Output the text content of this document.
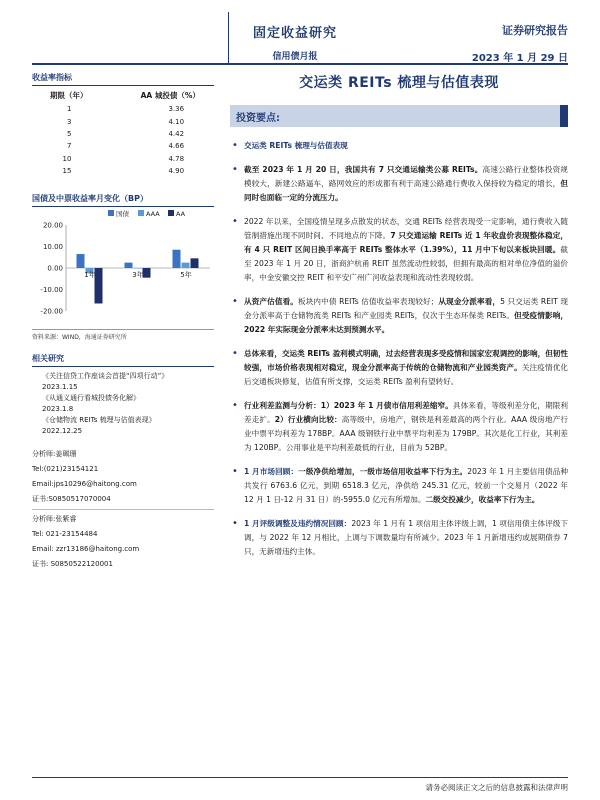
固定收益研究
信用债月报
证券研究报告
2023 年 1 月 29 日
收益率指标
期限（年）	AA 城投债（%）
1	3.36
3	4.10
5	4.42
7	4.66
10	4.78
15	4.90
国债及中票收益率月变化（BP）
国债	AAA	AA
20.00
10.00
0.00
-10.00
-20.00
1年	3年	5年
资料来源：WIND，海通证券研究所
相关研究
《关注信贷工作座谈会首提“四项行动”》
2023.1.15
《从通义通行看城投债务化解》
2023.1.8
《仓储物流 REITs 梳理与估值表现》
2022.12.25
分析师:姜珮珊
Tel:(021)23154121
Email:jps10296@haitong.com
证书:S0850517070004
分析师:张紫睿
Tel: 021-23154484
Email: zzr13186@haitong.com
证书: S0850522120001
交运类 REITs 梳理与估值表现
投资要点:
• 交运类 REITs 梳理与估值表现
• 截至 2023 年 1 月 20 日，我国共有 7 只交通运输类公募 REITs。高速公路行业整体投资规模较大，新建公路逼车，路网效应的形成都有利于高速公路通行费收入保持较为稳定的增长，但同时也面临一定的分流压力。
• 2022 年以来，全国疫情呈现多点散发的状态，交通 REITs 经营表现受一定影响，通行费收入随管制措施出现不同时间、不同地点的下降。7 只交通运输 REITs 近 1 年收盘价表现整体稳定，有 4 只 REIT 区间日换手率高于 REITs 整体水平（1.39%），11 月中下旬以来板块回暖。截至 2023 年 1 月 20 日，浙商沪杭甬 REIT 虽然流动性较弱，但拥有最高的相对单位净值的溢价率，中金安徽交控 REIT 和平安广州广河收益表现和流动性表现较弱。
• 从资产估值看。板块内中债 REITs 估值收益率表现较好；从现金分派率看，5 只交运类 REIT 现金分派率高于仓储物流类 REITs 和产业园类 REITs，仅次于生态环保类 REITs。但受疫情影响，2022 年实际现金分派率未达到预测水平。
• 总体来看，交运类 REITs 盈利模式明确，过去经营表现多受疫情和国家宏观调控的影响，但韧性较强，市场价格表现相对稳定，现金分派率高于传统的仓储物流和产业园类资产。关注疫情优化后交通板块修复，估值有所支撑，交运类 REITs 盈利有望转好。
• 行业利差监测与分析：1）2023 年 1 月债市信用利差缩窄。具体来看，等级利差分化，期限利差走扩。2）行业横向比较：高等级中，房地产，钢铁是利差最高的两个行业。AAA 级房地产行业中票平均利差为 178BP。AAA 级钢铁行业中票平均利差为 179BP。其次是化工行业，其利差为 120BP。公用事业是平均利差最低的行业，目前为 52BP。
• 1 月市场回顾：一级净供给增加，一级市场信用收益率下行为主。2023 年 1 月主要信用债品种共发行 6763.6 亿元，到期 6518.3 亿元，净供给 245.31 亿元，较前一个交易月（2022 年 12 月 1 日-12 月 31 日）的-5955.0 亿元有所增加。二级交投减少，收益率下行为主。
• 1 月评级调整及违约情况回顾：2023 年 1 月有 1 项信用主体评级上调，1 项信用债主体评级下调，与 2022 年 12 月相比，上调与下调数量均有所减少。2023 年 1 月新增违约或展期债券 7 只，无新增违约主体。
请务必阅读正文之后的信息披露和法律声明
